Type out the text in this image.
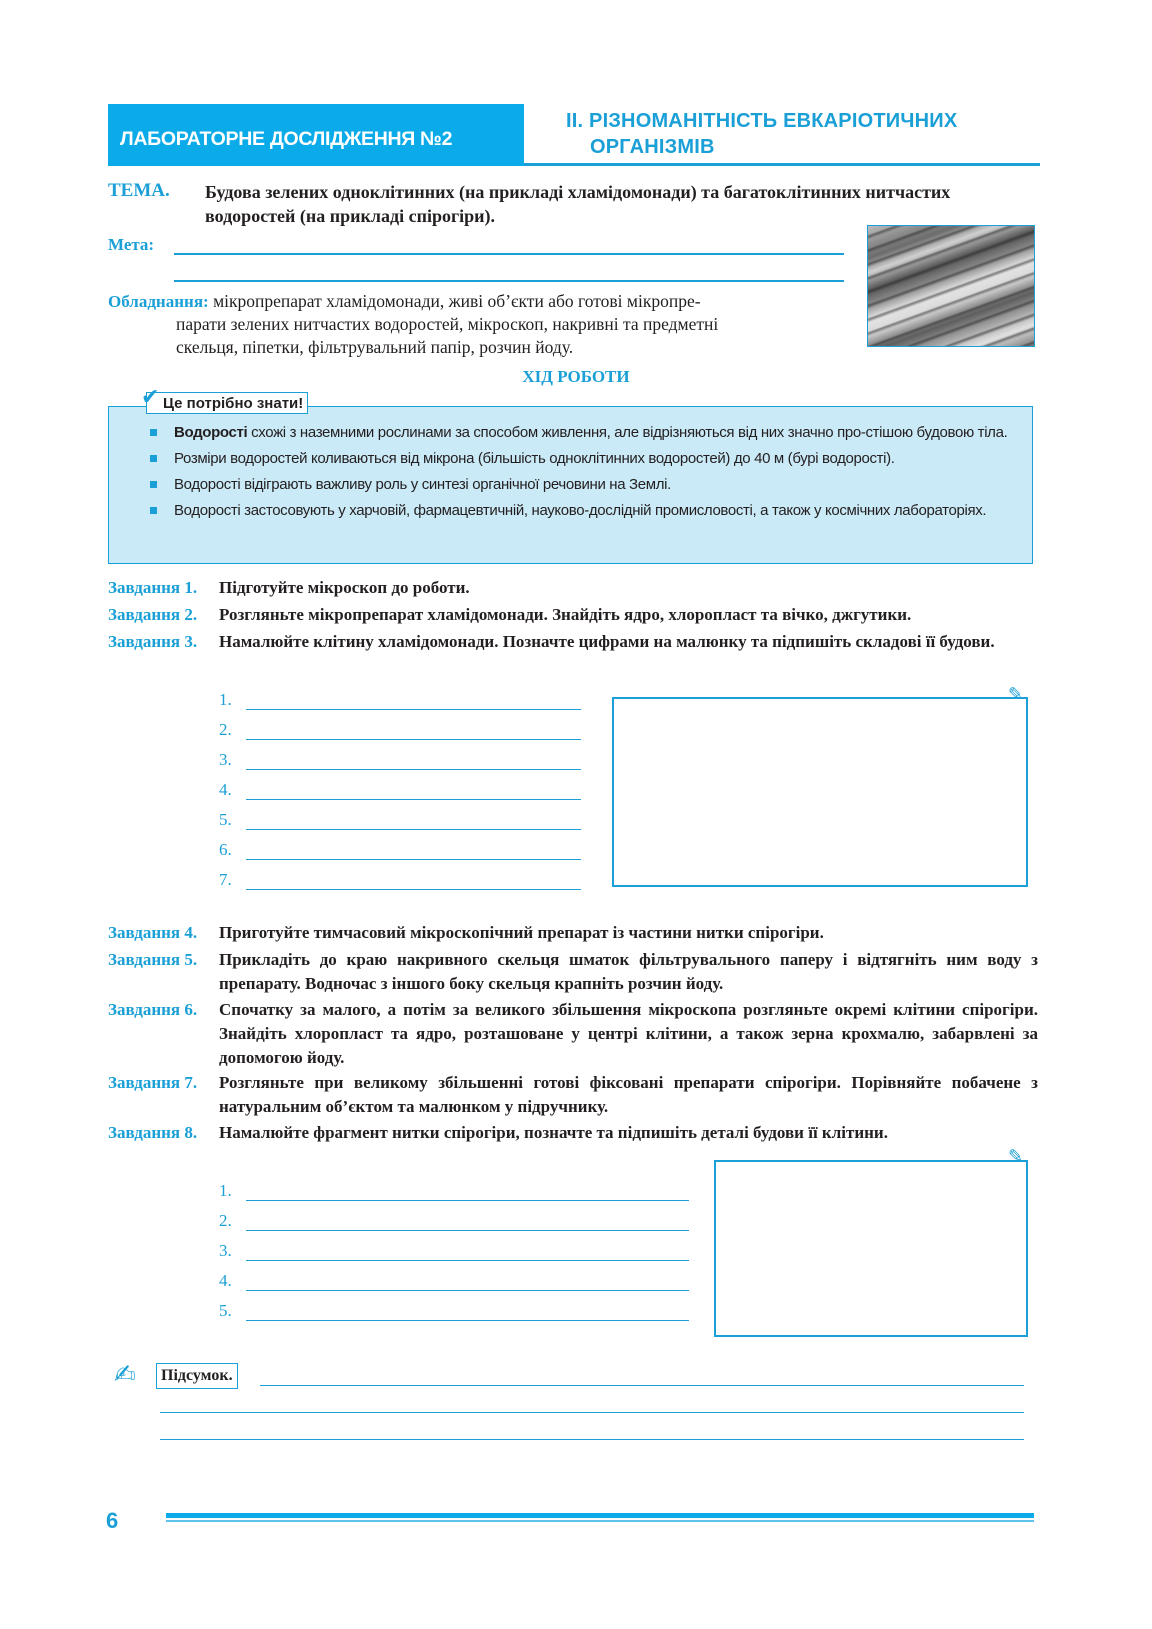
ЛАБОРАТОРНЕ ДОСЛІДЖЕННЯ №2
ІІ. РІЗНОМАНІТНІСТЬ ЕВКАРІОТИЧНИХ
ОРГАНІЗМІВ
ТЕМА. Будова зелених одноклітинних (на прикладі хламідомонади) та багатоклітинних нитчастих водоростей (на прикладі спірогіри).
Мета:
Обладнання: мікропрепарат хламідомонади, живі об’єкти або готові мікропре-
парати зелених нитчастих водоростей, мікроскоп, накривні та предметні
скельця, піпетки, фільтрувальний папір, розчин йоду.
ХІД РОБОТИ
✔ Це потрібно знати!
Водорості схожі з наземними рослинами за способом живлення, але відрізняються від них значно про-стішою будовою тіла.
Розміри водоростей коливаються від мікрона (більшість одноклітинних водоростей) до 40 м (бурі водорості).
Водорості відіграють важливу роль у синтезі органічної речовини на Землі.
Водорості застосовують у харчовій, фармацевтичній, науково-дослідній промисловості, а також у космічних лабораторіях.
Завдання 1. Підготуйте мікроскоп до роботи.
Завдання 2. Розгляньте мікропрепарат хламідомонади. Знайдіть ядро, хлоропласт та вічко, джгутики.
Завдання 3. Намалюйте клітину хламідомонади. Позначте цифрами на малюнку та підпишіть складові її будови.
1.
2.
3.
4.
5.
6.
7.
✎
Завдання 4. Приготуйте тимчасовий мікроскопічний препарат із частини нитки спірогіри.
Завдання 5. Прикладіть до краю накривного скельця шматок фільтрувального паперу і відтягніть ним воду з препарату. Водночас з іншого боку скельця крапніть розчин йоду.
Завдання 6. Спочатку за малого, а потім за великого збільшення мікроскопа розгляньте окремі клітини спірогіри. Знайдіть хлоропласт та ядро, розташоване у центрі клітини, а також зерна крохмалю, забарвлені за допомогою йоду.
Завдання 7. Розгляньте при великому збільшенні готові фіксовані препарати спірогіри. Порівняйте побачене з натуральним об’єктом та малюнком у підручнику.
Завдання 8. Намалюйте фрагмент нитки спірогіри, позначте та підпишіть деталі будови її клітини.
1.
2.
3.
4.
5.
✎
✍	Підсумок.
6
